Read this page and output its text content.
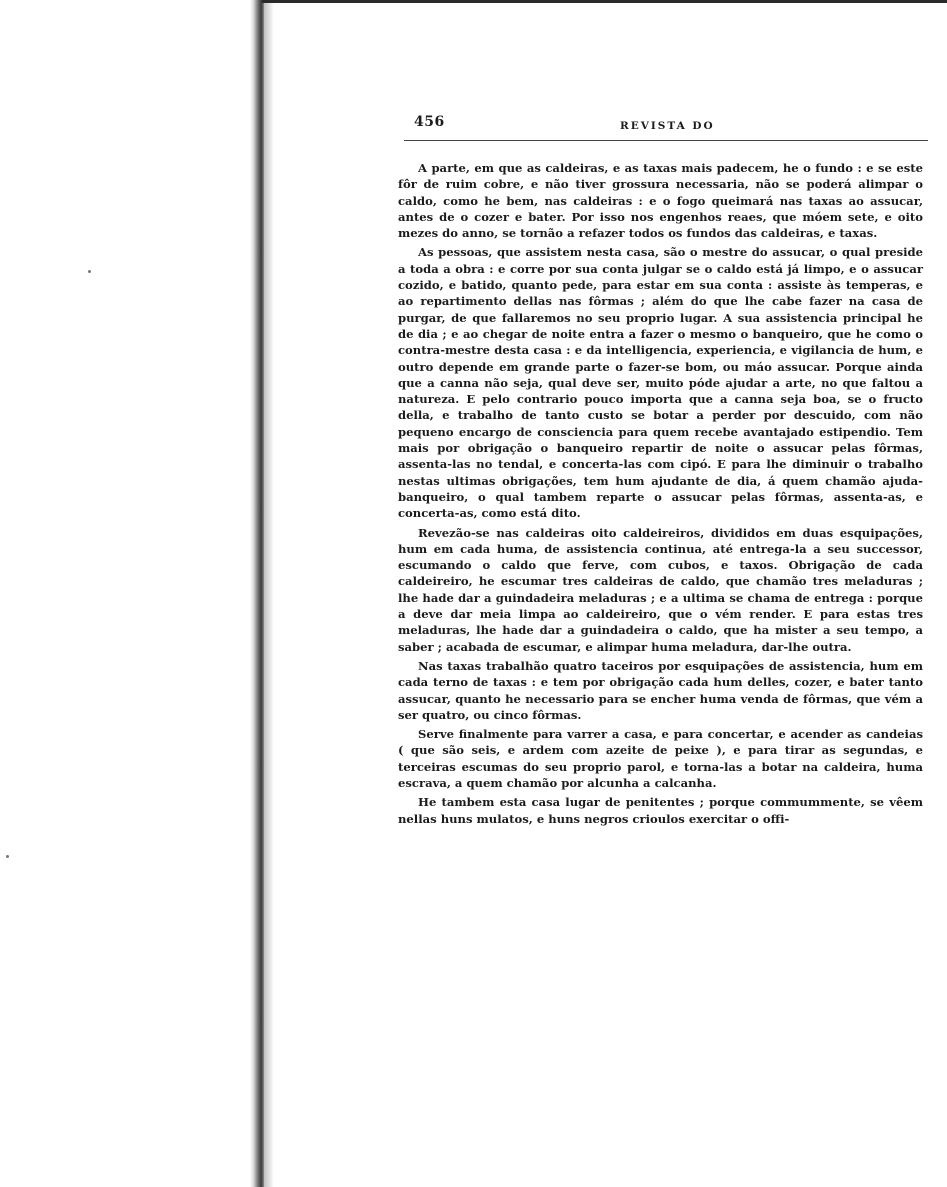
456	REVISTA DO

A parte, em que as caldeiras, e as taxas mais padecem, he o fundo : e se este fôr de ruim cobre, e não tiver grossura necessaria, não se poderá alimpar o caldo, como he bem, nas caldeiras : e o fogo queimará nas taxas ao assucar, antes de o cozer e bater. Por isso nos engenhos reaes, que móem sete, e oito mezes do anno, se tornão a refazer todos os fundos das caldeiras, e taxas.

As pessoas, que assistem nesta casa, são o mestre do assucar, o qual preside a toda a obra : e corre por sua conta julgar se o caldo está já limpo, e o assucar cozido, e batido, quanto pede, para estar em sua conta : assiste às temperas, e ao repartimento dellas nas fôrmas ; além do que lhe cabe fazer na casa de purgar, de que fallaremos no seu proprio lugar. A sua assistencia principal he de dia ; e ao chegar de noite entra a fazer o mesmo o banqueiro, que he como o contra-mestre desta casa : e da intelligencia, experiencia, e vigilancia de hum, e outro depende em grande parte o fazer-se bom, ou máo assucar. Porque ainda que a canna não seja, qual deve ser, muito póde ajudar a arte, no que faltou a natureza. E pelo contrario pouco importa que a canna seja boa, se o fructo della, e trabalho de tanto custo se botar a perder por descuido, com não pequeno encargo de consciencia para quem recebe avantajado estipendio. Tem mais por obrigação o banqueiro repartir de noite o assucar pelas fôrmas, assenta-las no tendal, e concerta-las com cipó. E para lhe diminuir o trabalho nestas ultimas obrigações, tem hum ajudante de dia, á quem chamão ajuda-banqueiro, o qual tambem reparte o assucar pelas fôrmas, assenta-as, e concerta-as, como está dito.

Revezão-se nas caldeiras oito caldeireiros, divididos em duas esquipações, hum em cada huma, de assistencia continua, até entrega-la a seu successor, escumando o caldo que ferve, com cubos, e taxos. Obrigação de cada caldeireiro, he escumar tres caldeiras de caldo, que chamão tres meladuras ; lhe hade dar a guindadeira meladuras ; e a ultima se chama de entrega : porque a deve dar meia limpa ao caldeireiro, que o vém render. E para estas tres meladuras, lhe hade dar a guindadeira o caldo, que ha mister a seu tempo, a saber ; acabada de escumar, e alimpar huma meladura, dar-lhe outra.

Nas taxas trabalhão quatro taceiros por esquipações de assistencia, hum em cada terno de taxas : e tem por obrigação cada hum delles, cozer, e bater tanto assucar, quanto he necessario para se encher huma venda de fôrmas, que vém a ser quatro, ou cinco fôrmas.

Serve finalmente para varrer a casa, e para concertar, e acender as candeias ( que são seis, e ardem com azeite de peixe ), e para tirar as segundas, e terceiras escumas do seu proprio parol, e torna-las a botar na caldeira, huma escrava, a quem chamão por alcunha a calcanha.

He tambem esta casa lugar de penitentes ; porque commummente, se vêem nellas huns mulatos, e huns negros crioulos exercitar o offi-
